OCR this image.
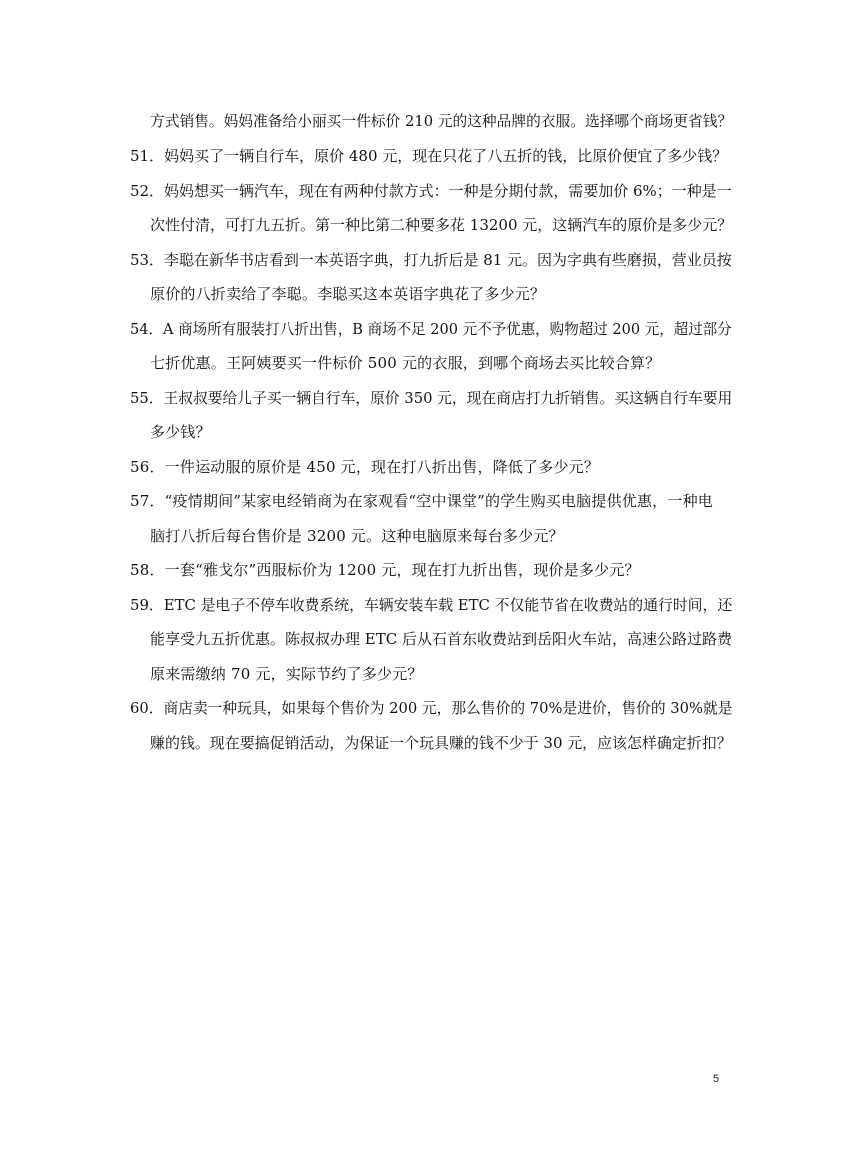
方式销售。妈妈准备给小丽买一件标价 210 元的这种品牌的衣服。选择哪个商场更省钱？
51．妈妈买了一辆自行车，原价 480 元，现在只花了八五折的钱，比原价便宜了多少钱？
52．妈妈想买一辆汽车，现在有两种付款方式：一种是分期付款，需要加价 6%；一种是一
次性付清，可打九五折。第一种比第二种要多花 13200 元，这辆汽车的原价是多少元？
53．李聪在新华书店看到一本英语字典，打九折后是 81 元。因为字典有些磨损，营业员按
原价的八折卖给了李聪。李聪买这本英语字典花了多少元？
54．A 商场所有服装打八折出售，B 商场不足 200 元不予优惠，购物超过 200 元，超过部分
七折优惠。王阿姨要买一件标价 500 元的衣服，到哪个商场去买比较合算？
55．王叔叔要给儿子买一辆自行车，原价 350 元，现在商店打九折销售。买这辆自行车要用
多少钱？
56．一件运动服的原价是 450 元，现在打八折出售，降低了多少元？
57．“疫情期间”某家电经销商为在家观看“空中课堂”的学生购买电脑提供优惠，一种电
脑打八折后每台售价是 3200 元。这种电脑原来每台多少元？
58．一套“雅戈尔”西服标价为 1200 元，现在打九折出售，现价是多少元？
59．ETC 是电子不停车收费系统，车辆安装车载 ETC 不仅能节省在收费站的通行时间，还
能享受九五折优惠。陈叔叔办理 ETC 后从石首东收费站到岳阳火车站，高速公路过路费
原来需缴纳 70 元，实际节约了多少元？
60．商店卖一种玩具，如果每个售价为 200 元，那么售价的 70%是进价，售价的 30%就是
赚的钱。现在要搞促销活动，为保证一个玩具赚的钱不少于 30 元，应该怎样确定折扣？
5
